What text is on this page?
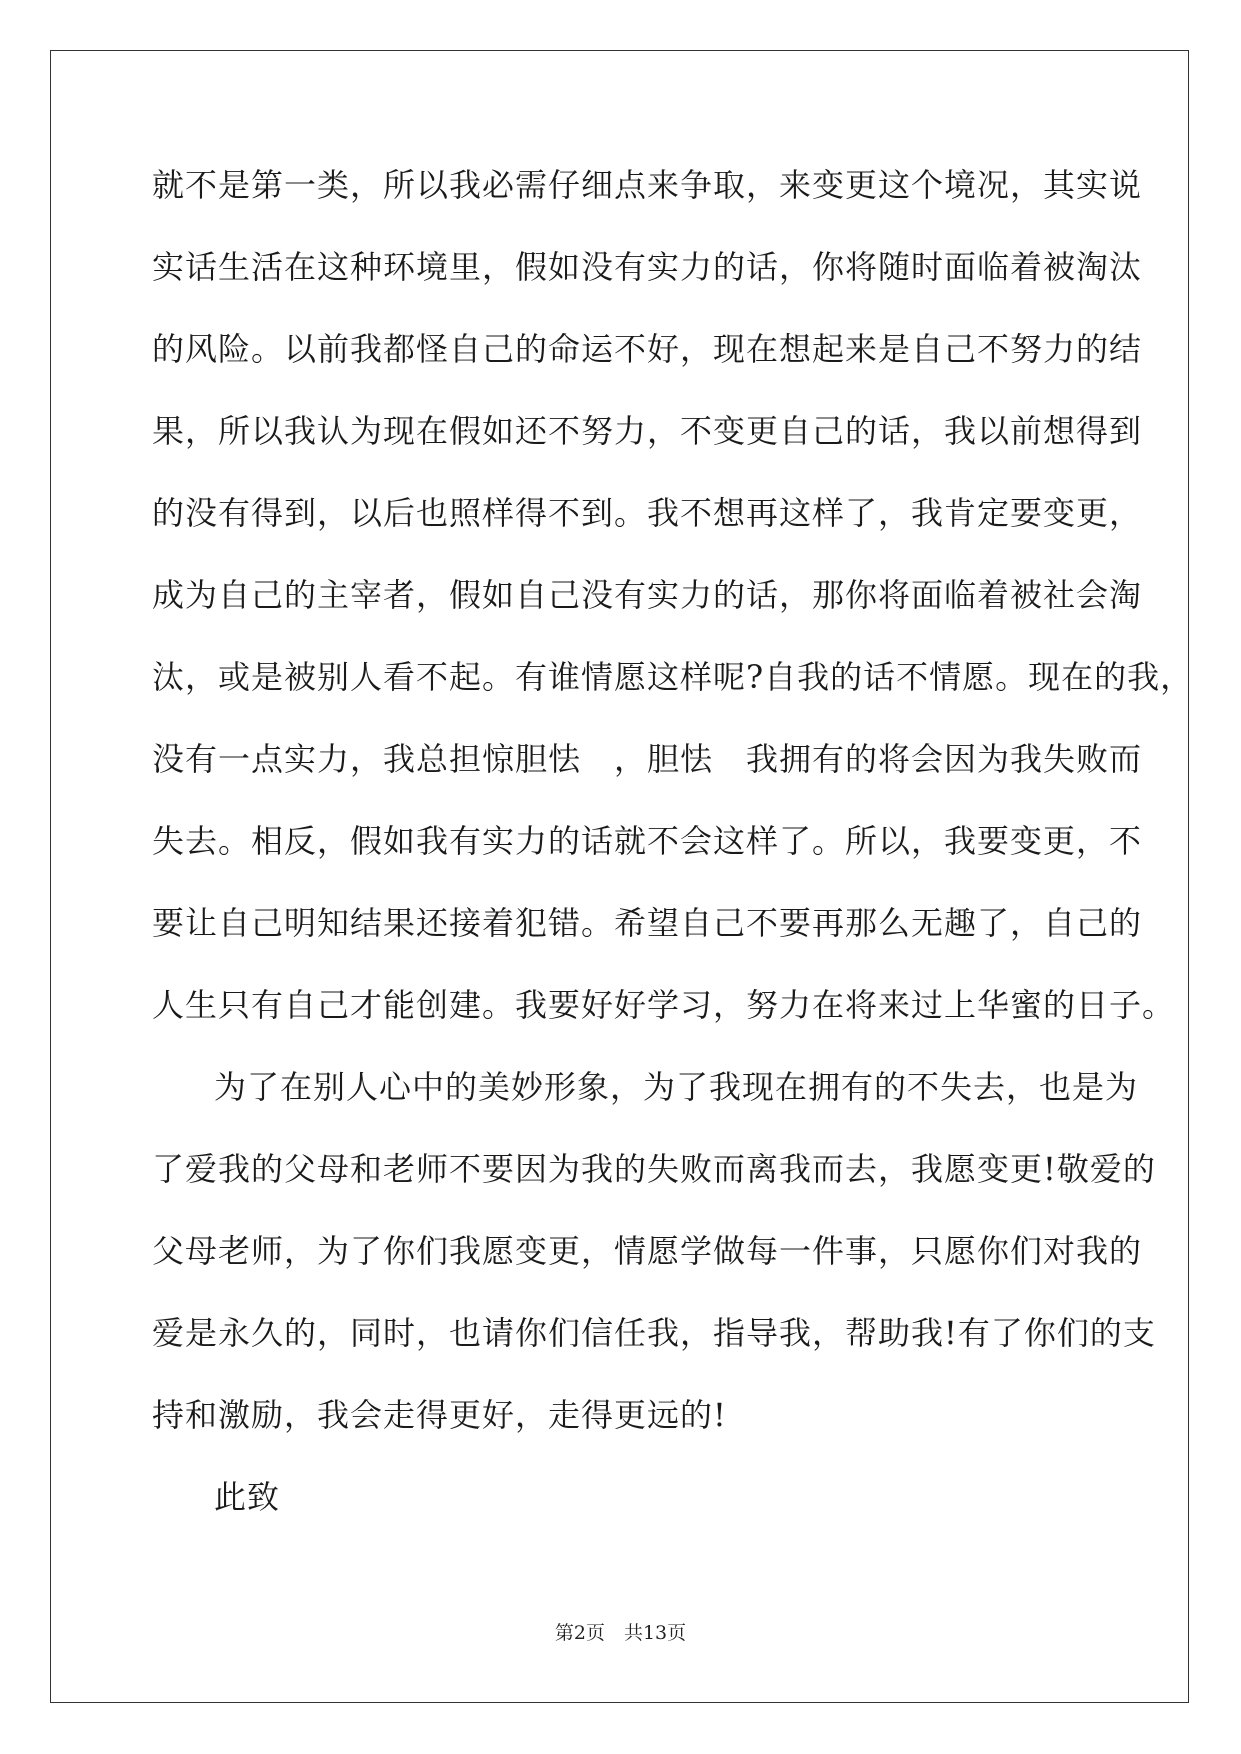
就不是第一类，所以我必需仔细点来争取，来变更这个境况，其实说
实话生活在这种环境里，假如没有实力的话，你将随时面临着被淘汰
的风险。以前我都怪自己的命运不好，现在想起来是自己不努力的结
果，所以我认为现在假如还不努力，不变更自己的话，我以前想得到
的没有得到，以后也照样得不到。我不想再这样了，我肯定要变更，
成为自己的主宰者，假如自己没有实力的话，那你将面临着被社会淘
汰，或是被别人看不起。有谁情愿这样呢?自我的话不情愿。现在的我，
没有一点实力，我总担惊胆怯　，胆怯　我拥有的将会因为我失败而
失去。相反，假如我有实力的话就不会这样了。所以，我要变更，不
要让自己明知结果还接着犯错。希望自己不要再那么无趣了，自己的
人生只有自己才能创建。我要好好学习，努力在将来过上华蜜的日子。
为了在别人心中的美妙形象，为了我现在拥有的不失去，也是为
了爱我的父母和老师不要因为我的失败而离我而去，我愿变更!敬爱的
父母老师，为了你们我愿变更，情愿学做每一件事，只愿你们对我的
爱是永久的，同时，也请你们信任我，指导我，帮助我!有了你们的支
持和激励，我会走得更好，走得更远的!
此致
第2页　共13页
